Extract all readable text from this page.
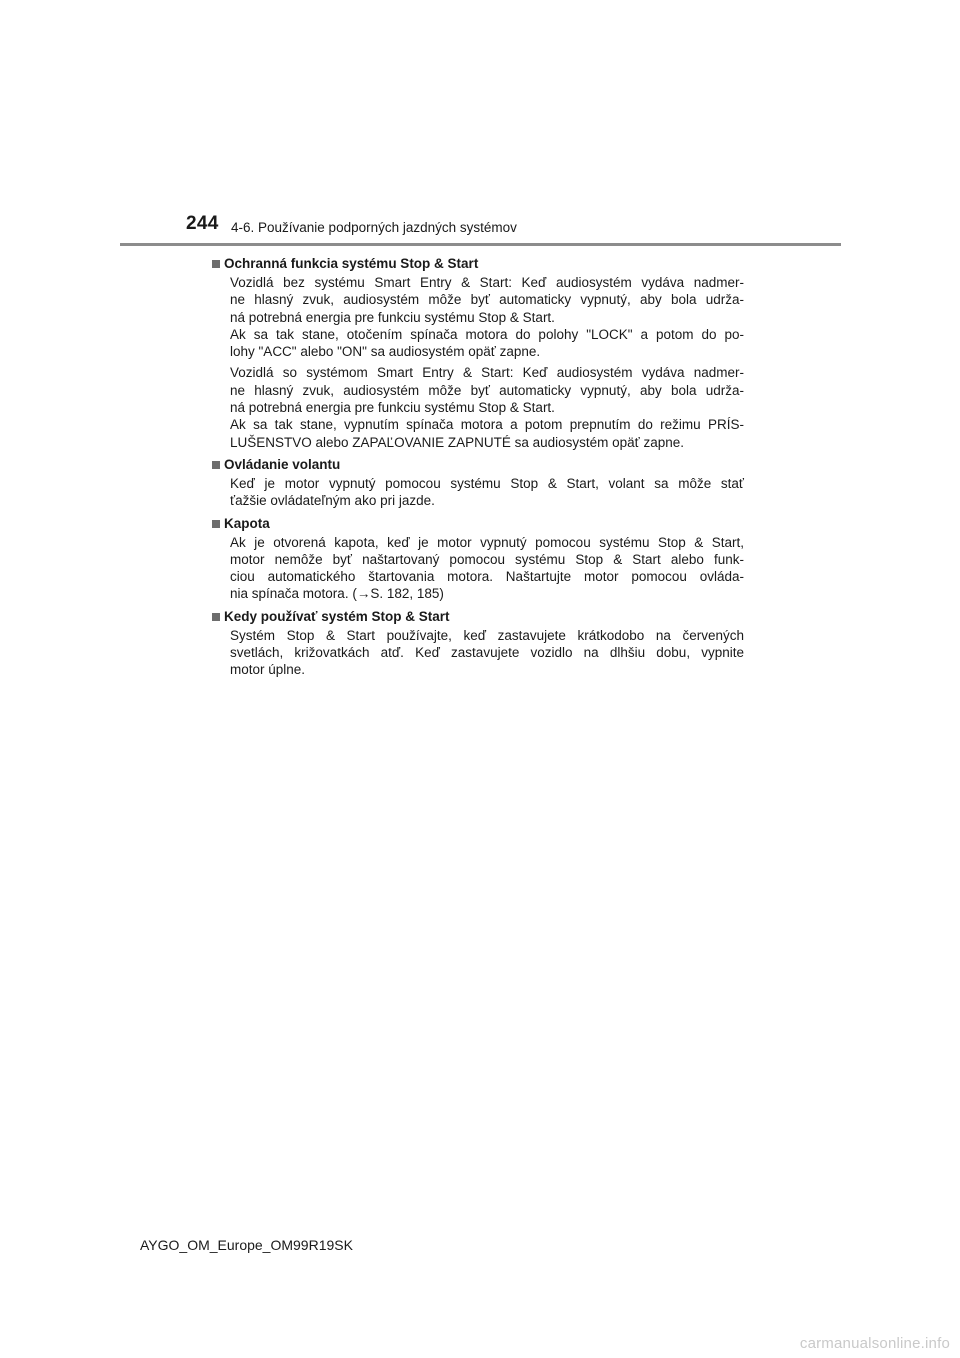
244 4-6. Používanie podporných jazdných systémov
Ochranná funkcia systému Stop & Start
Vozidlá bez systému Smart Entry & Start: Keď audiosystém vydáva nadmer-
ne hlasný zvuk, audiosystém môže byť automaticky vypnutý, aby bola udrža-
ná potrebná energia pre funkciu systému Stop & Start.
Ak sa tak stane, otočením spínača motora do polohy "LOCK" a potom do po-
lohy "ACC" alebo "ON" sa audiosystém opäť zapne.
Vozidlá so systémom Smart Entry & Start: Keď audiosystém vydáva nadmer-
ne hlasný zvuk, audiosystém môže byť automaticky vypnutý, aby bola udrža-
ná potrebná energia pre funkciu systému Stop & Start.
Ak sa tak stane, vypnutím spínača motora a potom prepnutím do režimu PRÍS-
LUŠENSTVO alebo ZAPAĽOVANIE ZAPNUTÉ sa audiosystém opäť zapne.
Ovládanie volantu
Keď je motor vypnutý pomocou systému Stop & Start, volant sa môže stať
ťažšie ovládateľným ako pri jazde.
Kapota
Ak je otvorená kapota, keď je motor vypnutý pomocou systému Stop & Start,
motor nemôže byť naštartovaný pomocou systému Stop & Start alebo funk-
ciou automatického štartovania motora. Naštartujte motor pomocou ovláda-
nia spínača motora. (→S. 182, 185)
Kedy používať systém Stop & Start
Systém Stop & Start používajte, keď zastavujete krátkodobo na červených
svetlách, križovatkách atď. Keď zastavujete vozidlo na dlhšiu dobu, vypnite
motor úplne.
AYGO_OM_Europe_OM99R19SK
carmanualsonline.info
